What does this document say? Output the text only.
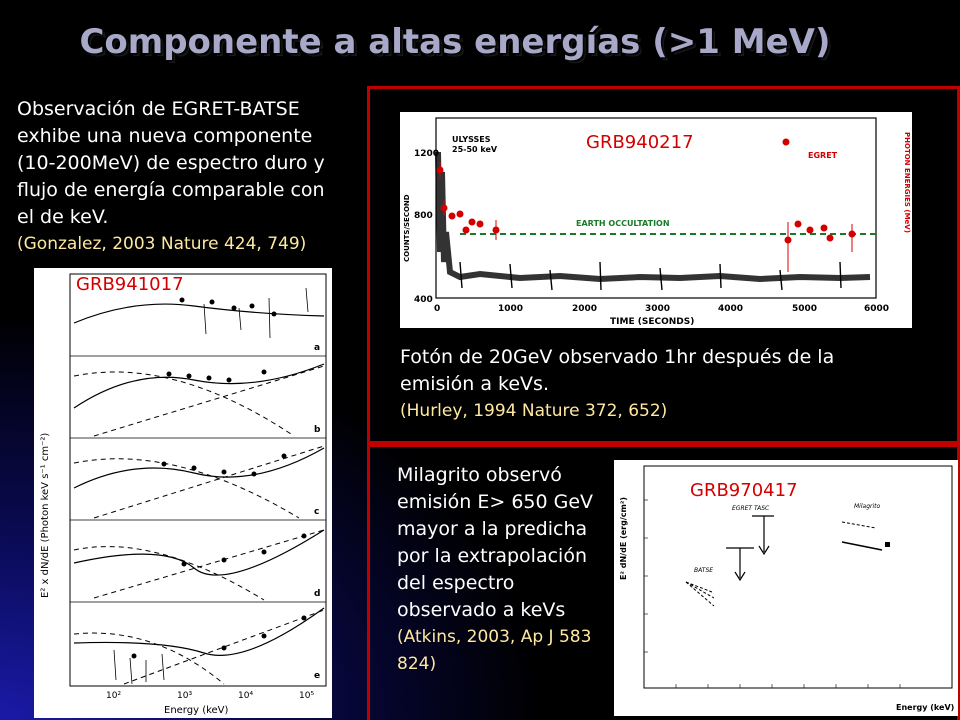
Componente a altas energías (>1 MeV)
Observación de EGRET-BATSE
exhibe una nueva componente
(10-200MeV) de espectro duro y
flujo de energía comparable con
el de keV.
(Gonzalez, 2003 Nature 424, 749)
a
b
c
d
e
E² x dN/dE (Photon keV s⁻¹ cm⁻²)
10²	10³	10⁴	10⁵
Energy (keV)
GRB941017
ULYSSES
25-50 keV
EGRET
EARTH OCCULTATION
1200
800
400
COUNTS/SECOND	PHOTON ENERGIES (MeV)
0	1000	2000	3000	4000	5000	6000
TIME (SECONDS)
GRB940217
Fotón de 20GeV observado 1hr después de la
emisión a keVs.
(Hurley, 1994 Nature 372, 652)
Milagrito observó
emisión E> 650 GeV
mayor a la predicha
por la extrapolación
del espectro
observado a keVs
(Atkins, 2003, Ap J 583
824)
BATSE
EGRET TASC	Milagrito
E² dN/dE (erg/cm²)
Energy (keV)
GRB970417
